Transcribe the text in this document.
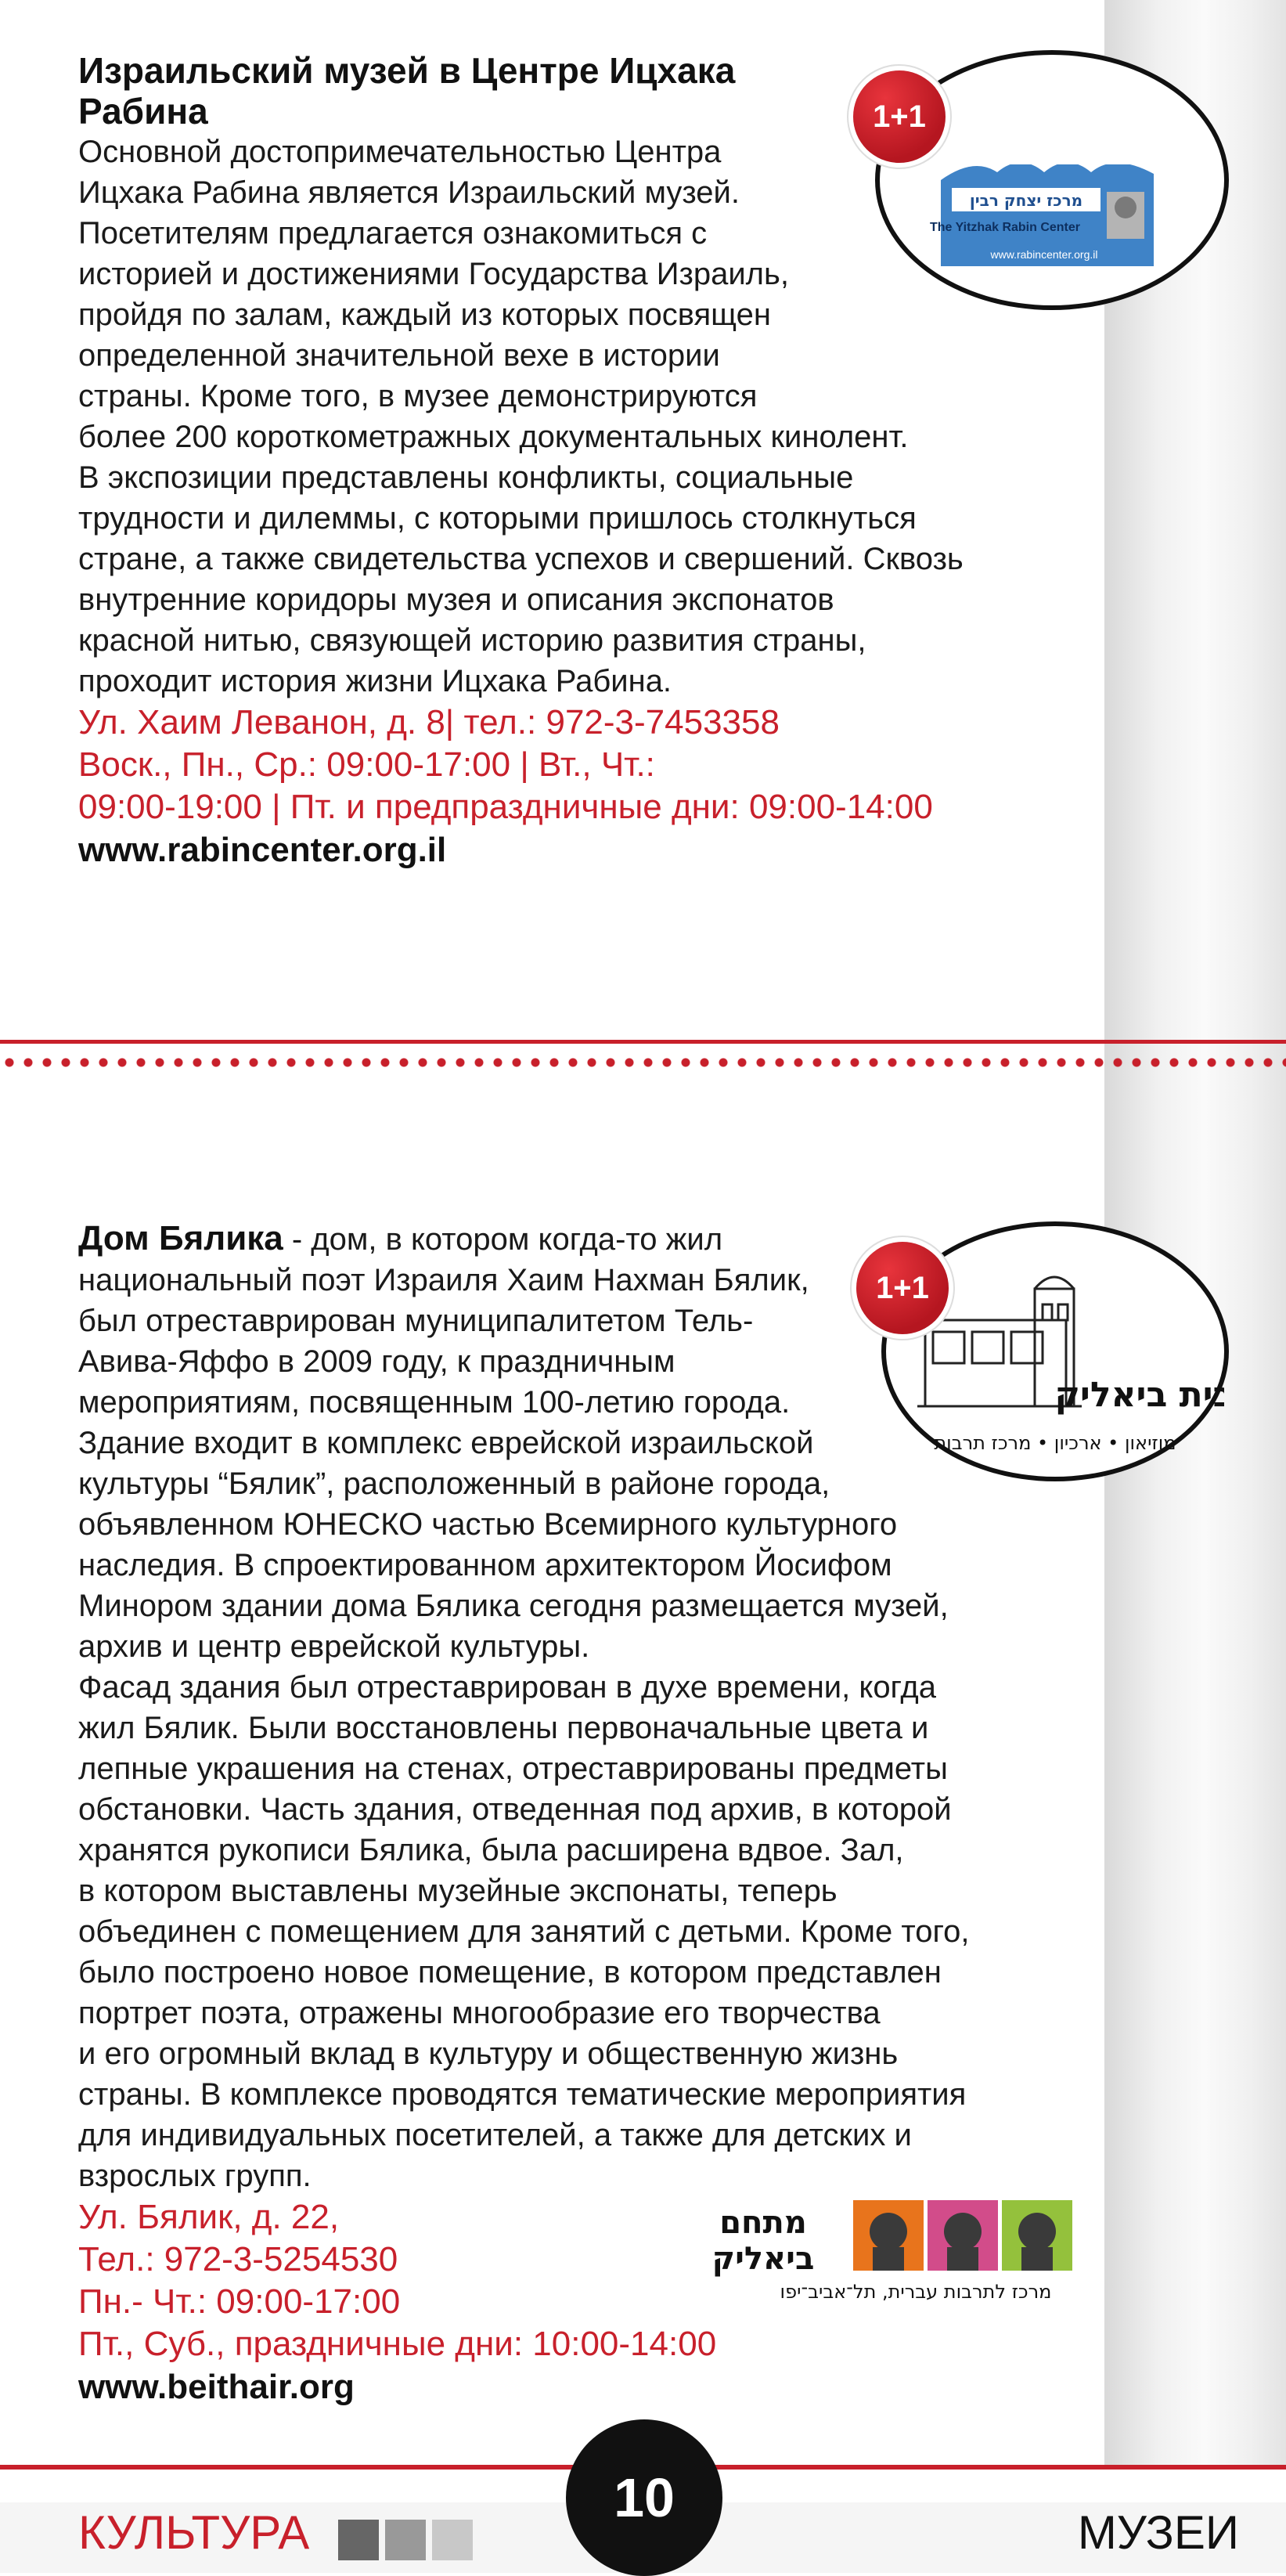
Израильский музей в Центре Ицхака
Рабина
Основной достопримечательностью Центра
Ицхака Рабина является Израильский музей.
Посетителям предлагается ознакомиться с
историей и достижениями Государства Израиль,
пройдя по залам, каждый из которых посвящен
определенной значительной вехе в истории
страны. Кроме того, в музее демонстрируются
более 200 короткометражных документальных кинолент.
В экспозиции представлены конфликты, социальные
трудности и дилеммы, с которыми пришлось столкнуться
стране, а также свидетельства успехов и свершений. Сквозь
внутренние коридоры музея и описания экспонатов
красной нитью, связующей историю развития страны,
проходит история жизни Ицхака Рабина.
Ул. Хаим Леванон, д. 8| тел.: 972-3-7453358
Воск., Пн., Ср.: 09:00-17:00 | Вт., Чт.:
09:00-19:00 | Пт. и предпраздничные дни: 09:00-14:00
www.rabincenter.org.il
מרכז יצחק רבין
The Yitzhak Rabin Center
www.rabincenter.org.il
1+1
Дом Бялика - дом, в котором когда-то жил
национальный поэт Израиля Хаим Нахман Бялик,
был отреставрирован муниципалитетом Тель-
Авива-Яффо в 2009 году, к праздничным
мероприятиям, посвященным 100-летию города.
Здание входит в комплекс еврейской израильской
культуры “Бялик”, расположенный в районе города,
объявленном ЮНЕСКО частью Всемирного культурного
наследия. В спроектированном архитектором Йосифом
Минором здании дома Бялика сегодня размещается музей,
архив и центр еврейской культуры.
Фасад здания был отреставрирован в духе времени, когда
жил Бялик. Были восстановлены первоначальные цвета и
лепные украшения на стенах, отреставрированы предметы
обстановки. Часть здания, отведенная под архив, в которой
хранятся рукописи Бялика, была расширена вдвое. Зал,
в котором выставлены музейные экспонаты, теперь
объединен с помещением для занятий с детьми. Кроме того,
было построено новое помещение, в котором представлен
портрет поэта, отражены многообразие его творчества
и его огромный вклад в культуру и общественную жизнь
страны. В комплексе проводятся тематические мероприятия
для индивидуальных посетителей, а также для детских и
взрослых групп.
Ул. Бялик, д. 22,
Тел.: 972-3-5254530
Пн.- Чт.: 09:00-17:00
Пт., Суб., праздничные дни: 10:00-14:00
www.beithair.org
בית ביאליק
מוזיאון • ארכיון • מרכז תרבות
1+1
מתחם
ביאליק
מרכז לתרבות עברית, תל־אביב־יפו
КУЛЬТУРА
10
МУЗЕИ
